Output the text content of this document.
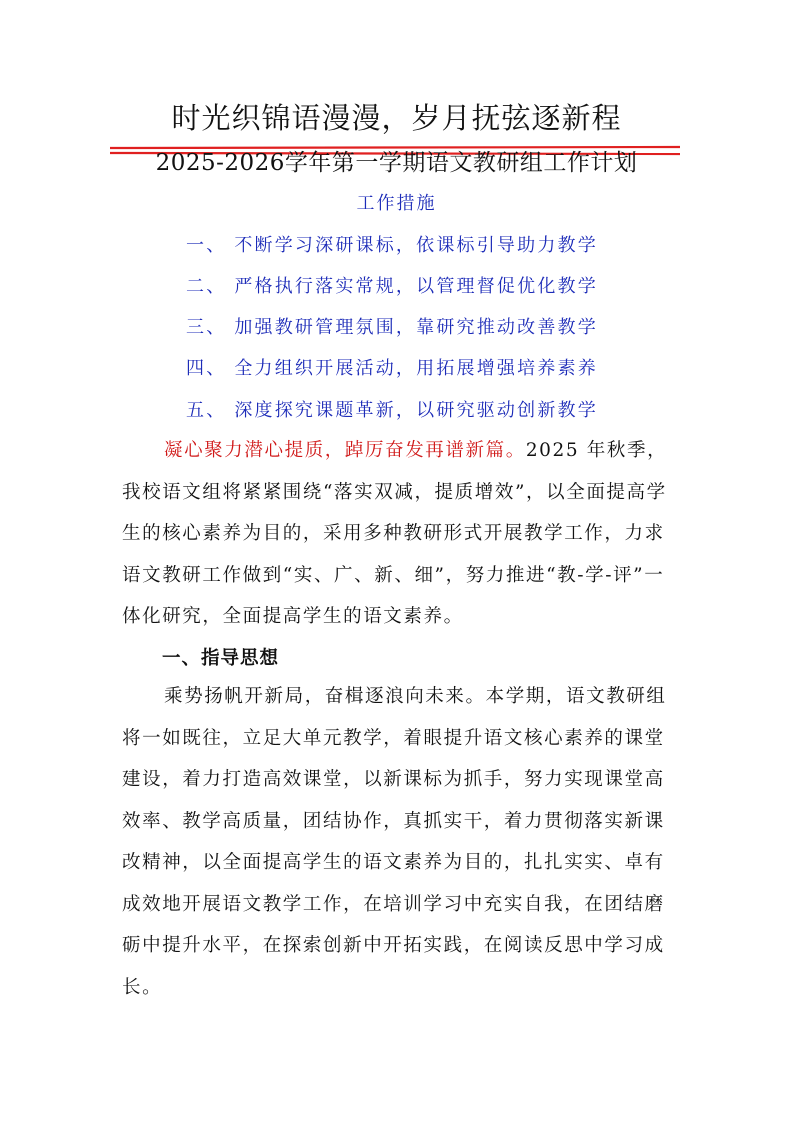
时光织锦语漫漫，岁月抚弦逐新程
2025-2026学年第一学期语文教研组工作计划
工作措施
一、 不断学习深研课标，依课标引导助力教学
二、 严格执行落实常规，以管理督促优化教学
三、 加强教研管理氛围，靠研究推动改善教学
四、 全力组织开展活动，用拓展增强培养素养
五、 深度探究课题革新，以研究驱动创新教学
凝心聚力潜心提质，踔厉奋发再谱新篇。2025 年秋季，我校语文组将紧紧围绕“落实双减，提质增效”，以全面提高学生的核心素养为目的，采用多种教研形式开展教学工作，力求语文教研工作做到“实、广、新、细”，努力推进“教-学-评”一体化研究，全面提高学生的语文素养。
一、指导思想
乘势扬帆开新局，奋楫逐浪向未来。本学期，语文教研组将一如既往，立足大单元教学，着眼提升语文核心素养的课堂建设，着力打造高效课堂，以新课标为抓手，努力实现课堂高效率、教学高质量，团结协作，真抓实干，着力贯彻落实新课改精神，以全面提高学生的语文素养为目的，扎扎实实、卓有成效地开展语文教学工作，在培训学习中充实自我，在团结磨砺中提升水平，在探索创新中开拓实践，在阅读反思中学习成长。
